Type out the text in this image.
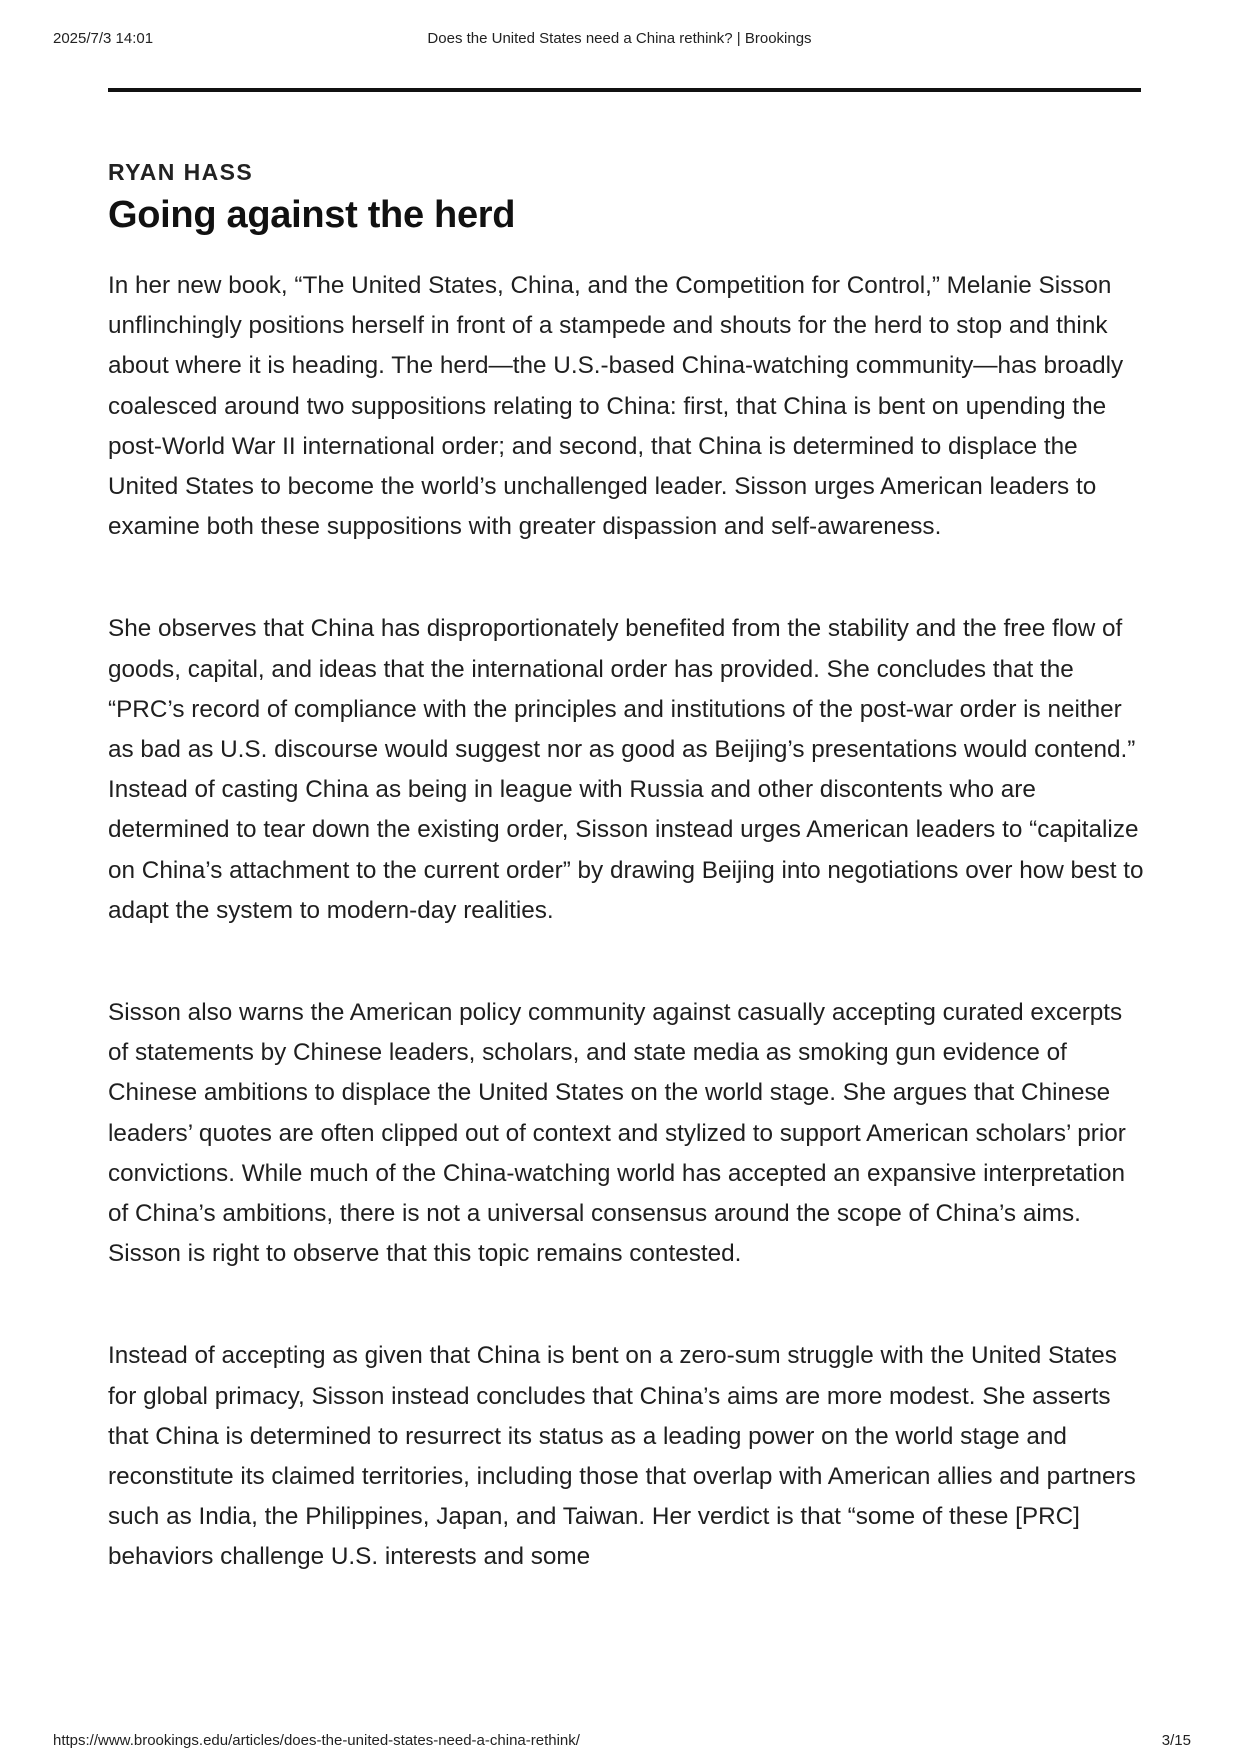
2025/7/3 14:01	Does the United States need a China rethink? | Brookings

RYAN HASS

Going against the herd

In her new book, “The United States, China, and the Competition for Control,” Melanie Sisson unflinchingly positions herself in front of a stampede and shouts for the herd to stop and think about where it is heading. The herd—the U.S.-based China-watching community—has broadly coalesced around two suppositions relating to China: first, that China is bent on upending the post-World War II international order; and second, that China is determined to displace the United States to become the world’s unchallenged leader. Sisson urges American leaders to examine both these suppositions with greater dispassion and self-awareness.

She observes that China has disproportionately benefited from the stability and the free flow of goods, capital, and ideas that the international order has provided. She concludes that the “PRC’s record of compliance with the principles and institutions of the post-war order is neither as bad as U.S. discourse would suggest nor as good as Beijing’s presentations would contend.” Instead of casting China as being in league with Russia and other discontents who are determined to tear down the existing order, Sisson instead urges American leaders to “capitalize on China’s attachment to the current order” by drawing Beijing into negotiations over how best to adapt the system to modern-day realities.

Sisson also warns the American policy community against casually accepting curated excerpts of statements by Chinese leaders, scholars, and state media as smoking gun evidence of Chinese ambitions to displace the United States on the world stage. She argues that Chinese leaders’ quotes are often clipped out of context and stylized to support American scholars’ prior convictions. While much of the China-watching world has accepted an expansive interpretation of China’s ambitions, there is not a universal consensus around the scope of China’s aims. Sisson is right to observe that this topic remains contested.

Instead of accepting as given that China is bent on a zero-sum struggle with the United States for global primacy, Sisson instead concludes that China’s aims are more modest. She asserts that China is determined to resurrect its status as a leading power on the world stage and reconstitute its claimed territories, including those that overlap with American allies and partners such as India, the Philippines, Japan, and Taiwan. Her verdict is that “some of these [PRC] behaviors challenge U.S. interests and some

https://www.brookings.edu/articles/does-the-united-states-need-a-china-rethink/	3/15
